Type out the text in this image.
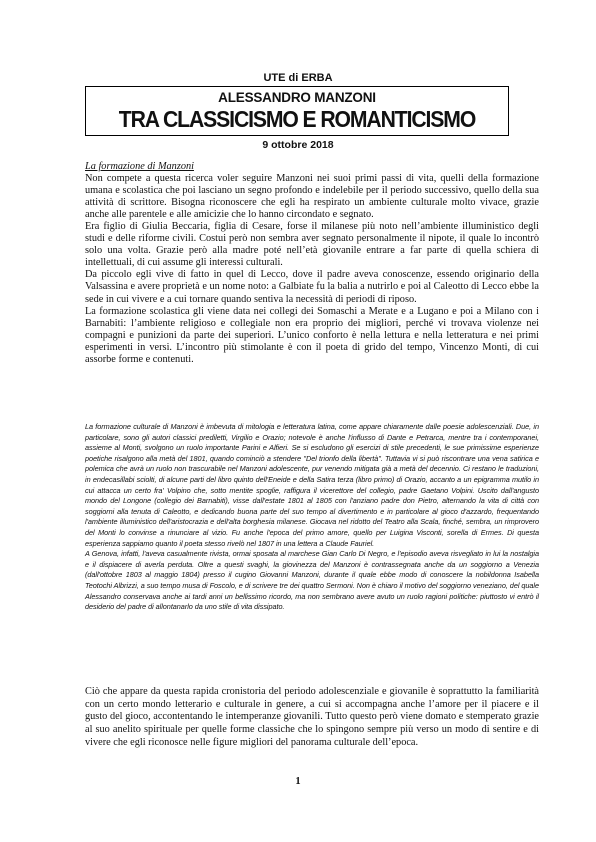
UTE di ERBA
ALESSANDRO MANZONI
TRA CLASSICISMO E ROMANTICISMO
9 ottobre 2018

La formazione di Manzoni

Non compete a questa ricerca voler seguire Manzoni nei suoi primi passi di vita, quelli della formazione umana e scolastica che poi lasciano un segno profondo e indelebile per il periodo successivo, quello della sua attività di scrittore. Bisogna riconoscere che egli ha respirato un ambiente culturale molto vivace, grazie anche alle parentele e alle amicizie che lo hanno circondato e segnato.

Era figlio di Giulia Beccaria, figlia di Cesare, forse il milanese più noto nell’ambiente illuministico degli studi e delle riforme civili. Costui però non sembra aver segnato personalmente il nipote, il quale lo incontrò solo una volta. Grazie però alla madre poté nell’età giovanile entrare a far parte di quella schiera di intellettuali, di cui assume gli interessi culturali.

Da piccolo egli vive di fatto in quel di Lecco, dove il padre aveva conoscenze, essendo originario della Valsassina e avere proprietà e un nome noto: a Galbiate fu la balia a nutrirlo e poi al Caleotto di Lecco ebbe la sede in cui vivere e a cui tornare quando sentiva la necessità di periodi di riposo.

La formazione scolastica gli viene data nei collegi dei Somaschi a Merate e a Lugano e poi a Milano con i Barnabiti: l’ambiente religioso e collegiale non era proprio dei migliori, perché vi trovava violenze nei compagni e punizioni da parte dei superiori. L’unico conforto è nella lettura e nella letteratura e nei primi esperimenti in versi. L’incontro più stimolante è con il poeta di grido del tempo, Vincenzo Monti, di cui assorbe forme e contenuti.

La formazione culturale di Manzoni è imbevuta di mitologia e letteratura latina, come appare chiaramente dalle poesie adolescenziali. Due, in particolare, sono gli autori classici prediletti, Virgilio e Orazio; notevole è anche l'influsso di Dante e Petrarca, mentre tra i contemporanei, assieme al Monti, svolgono un ruolo importante Parini e Alfieri. Se si escludono gli esercizi di stile precedenti, le sue primissime esperienze poetiche risalgono alla metà del 1801, quando cominciò a stendere "Del trionfo della libertà". Tuttavia vi si può riscontrare una vena satirica e polemica che avrà un ruolo non trascurabile nel Manzoni adolescente, pur venendo mitigata già a metà del decennio. Ci restano le traduzioni, in endecasillabi sciolti, di alcune parti del libro quinto dell'Eneide e della Satira terza (libro primo) di Orazio, accanto a un epigramma mutilo in cui attacca un certo fra' Volpino che, sotto mentite spoglie, raffigura il vicerettore del collegio, padre Gaetano Volpini. Uscito dall'angusto mondo del Longone (collegio dei Barnabiti), visse dall'estate 1801 al 1805 con l'anziano padre don Pietro, alternando la vita di città con soggiorni alla tenuta di Caleotto, e dedicando buona parte del suo tempo al divertimento e in particolare al gioco d'azzardo, frequentando l'ambiente illuministico dell'aristocrazia e dell'alta borghesia milanese. Giocava nel ridotto del Teatro alla Scala, finché, sembra, un rimprovero del Monti lo convinse a rinunciare al vizio. Fu anche l'epoca del primo amore, quello per Luigina Visconti, sorella di Ermes. Di questa esperienza sappiamo quanto il poeta stesso rivelò nel 1807 in una lettera a Claude Fauriel.

A Genova, infatti, l'aveva casualmente rivista, ormai sposata al marchese Gian Carlo Di Negro, e l'episodio aveva risvegliato in lui la nostalgia e il dispiacere di averla perduta. Oltre a questi svaghi, la giovinezza del Manzoni è contrassegnata anche da un soggiorno a Venezia (dall'ottobre 1803 al maggio 1804) presso il cugino Giovanni Manzoni, durante il quale ebbe modo di conoscere la nobildonna Isabella Teotochi Albrizzi, a suo tempo musa di Foscolo, e di scrivere tre dei quattro Sermoni. Non è chiaro il motivo del soggiorno veneziano, del quale Alessandro conservava anche ai tardi anni un bellissimo ricordo, ma non sembrano avere avuto un ruolo ragioni politiche: piuttosto vi entrò il desiderio del padre di allontanarlo da uno stile di vita dissipato.

Ciò che appare da questa rapida cronistoria del periodo adolescenziale e giovanile è soprattutto la familiarità con un certo mondo letterario e culturale in genere, a cui si accompagna anche l’amore per il piacere e il gusto del gioco, accontentando le intemperanze giovanili. Tutto questo però viene domato e stemperato grazie al suo anelito spirituale per quelle forme classiche che lo spingono sempre più verso un modo di sentire e di vivere che egli riconosce nelle figure migliori del panorama culturale dell’epoca.

1
